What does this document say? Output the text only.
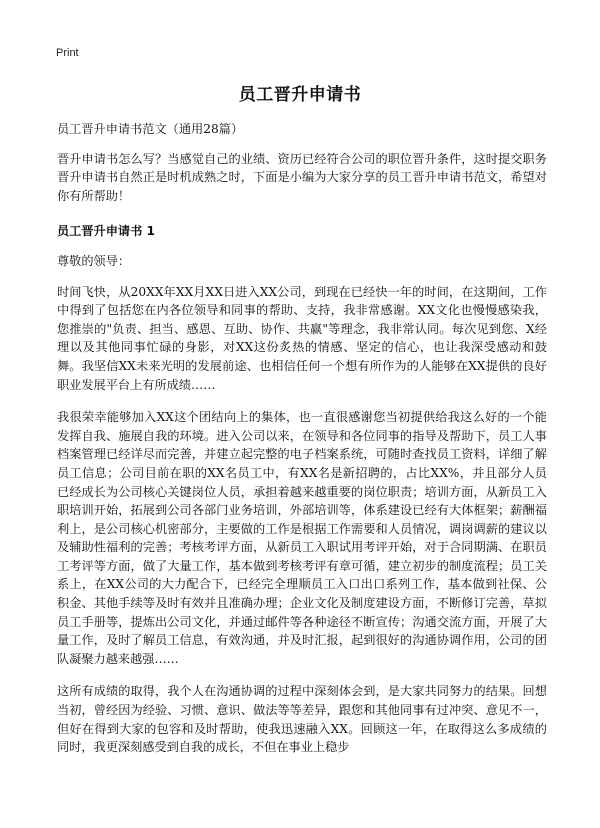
Print
员工晋升申请书

员工晋升申请书范文（通用28篇）

晋升申请书怎么写？当感觉自己的业绩、资历已经符合公司的职位晋升条件，这时提交职务晋升申请书自然正是时机成熟之时，下面是小编为大家分享的员工晋升申请书范文，希望对你有所帮助！

员工晋升申请书 1

尊敬的领导：

时间飞快，从20XX年XX月XX日进入XX公司，到现在已经快一年的时间，在这期间，工作中得到了包括您在内各位领导和同事的帮助、支持，我非常感谢。XX文化也慢慢感染我，您推崇的"负责、担当、感恩、互助、协作、共赢"等理念，我非常认同。每次见到您、X经理以及其他同事忙碌的身影，对XX这份炙热的情感、坚定的信心，也让我深受感动和鼓舞。我坚信XX未来光明的发展前途、也相信任何一个想有所作为的人能够在XX提供的良好职业发展平台上有所成绩……

我很荣幸能够加入XX这个团结向上的集体，也一直很感谢您当初提供给我这么好的一个能发挥自我、施展自我的环境。进入公司以来，在领导和各位同事的指导及帮助下，员工人事档案管理已经详尽而完善，并建立起完整的电子档案系统，可随时查找员工资料，详细了解员工信息；公司目前在职的XX名员工中，有XX名是新招聘的，占比XX%，并且部分人员已经成长为公司核心关键岗位人员，承担着越来越重要的岗位职责；培训方面，从新员工入职培训开始，拓展到公司各部门业务培训，外部培训等，体系建设已经有大体框架；薪酬福利上，是公司核心机密部分，主要做的工作是根据工作需要和人员情况，调岗调薪的建议以及辅助性福利的完善；考核考评方面，从新员工入职试用考评开始，对于合同期满、在职员工考评等方面，做了大量工作，基本做到考核考评有章可循，建立初步的制度流程；员工关系上，在XX公司的大力配合下，已经完全理顺员工入口出口系列工作，基本做到社保、公积金、其他手续等及时有效并且准确办理；企业文化及制度建设方面，不断修订完善，草拟员工手册等，提炼出公司文化，并通过邮件等各种途径不断宣传；沟通交流方面，开展了大量工作，及时了解员工信息，有效沟通，并及时汇报，起到很好的沟通协调作用，公司的团队凝聚力越来越强……

这所有成绩的取得，我个人在沟通协调的过程中深刻体会到，是大家共同努力的结果。回想当初，曾经因为经验、习惯、意识、做法等等差异，跟您和其他同事有过冲突、意见不一，但好在得到大家的包容和及时帮助，使我迅速融入XX。回顾这一年，在取得这么多成绩的同时，我更深刻感受到自我的成长，不但在事业上稳步
